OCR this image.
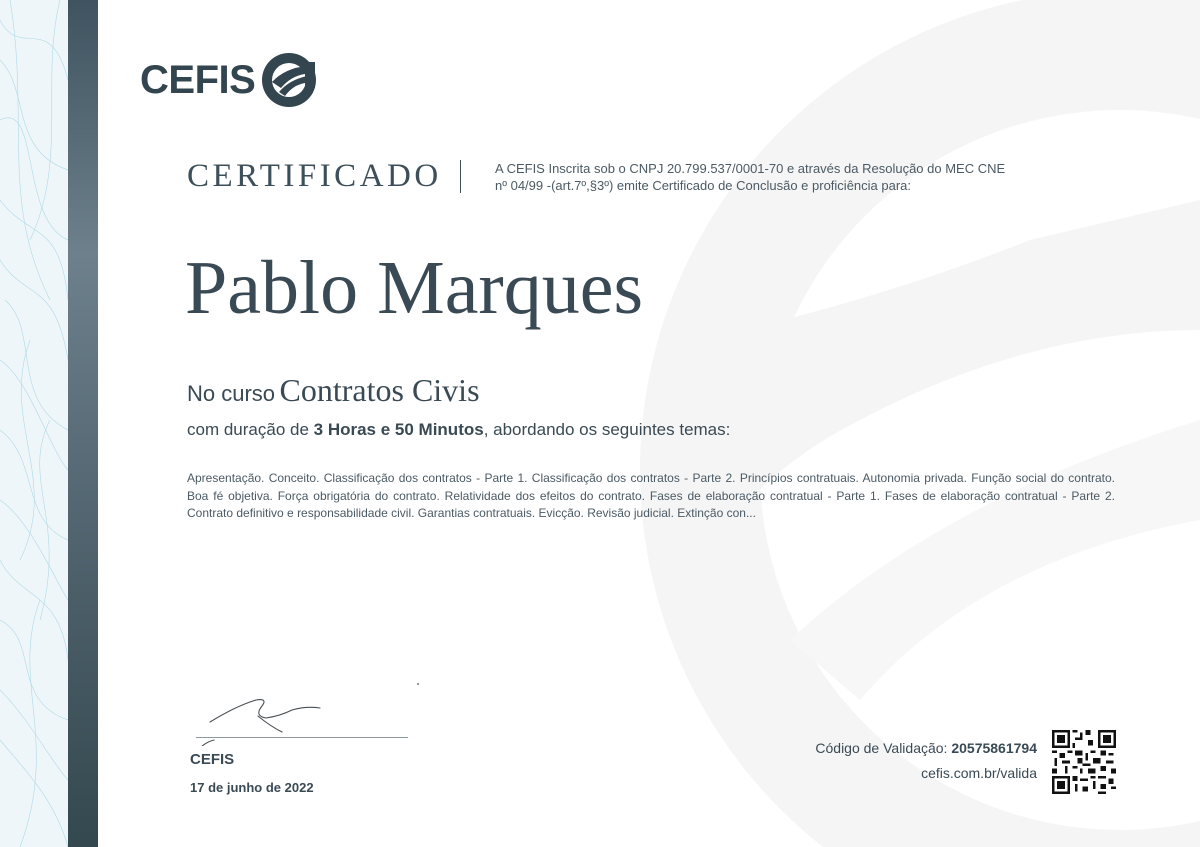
CEFIS
CERTIFICADO	A CEFIS Inscrita sob o CNPJ 20.799.537/0001-70 e através da Resolução do MEC CNE nº 04/99 -(art.7º,§3º) emite Certificado de Conclusão e proficiência para:
Pablo Marques
No curso Contratos Civis
com duração de 3 Horas e 50 Minutos, abordando os seguintes temas:
Apresentação. Conceito. Classificação dos contratos - Parte 1. Classificação dos contratos - Parte 2. Princípios contratuais. Autonomia privada. Função social do contrato. Boa fé objetiva. Força obrigatória do contrato. Relatividade dos efeitos do contrato. Fases de elaboração contratual - Parte 1. Fases de elaboração contratual - Parte 2. Contrato definitivo e responsabilidade civil. Garantias contratuais. Evicção. Revisão judicial. Extinção con...
CEFIS
17 de junho de 2022
Código de Validação: 20575861794
cefis.com.br/valida
